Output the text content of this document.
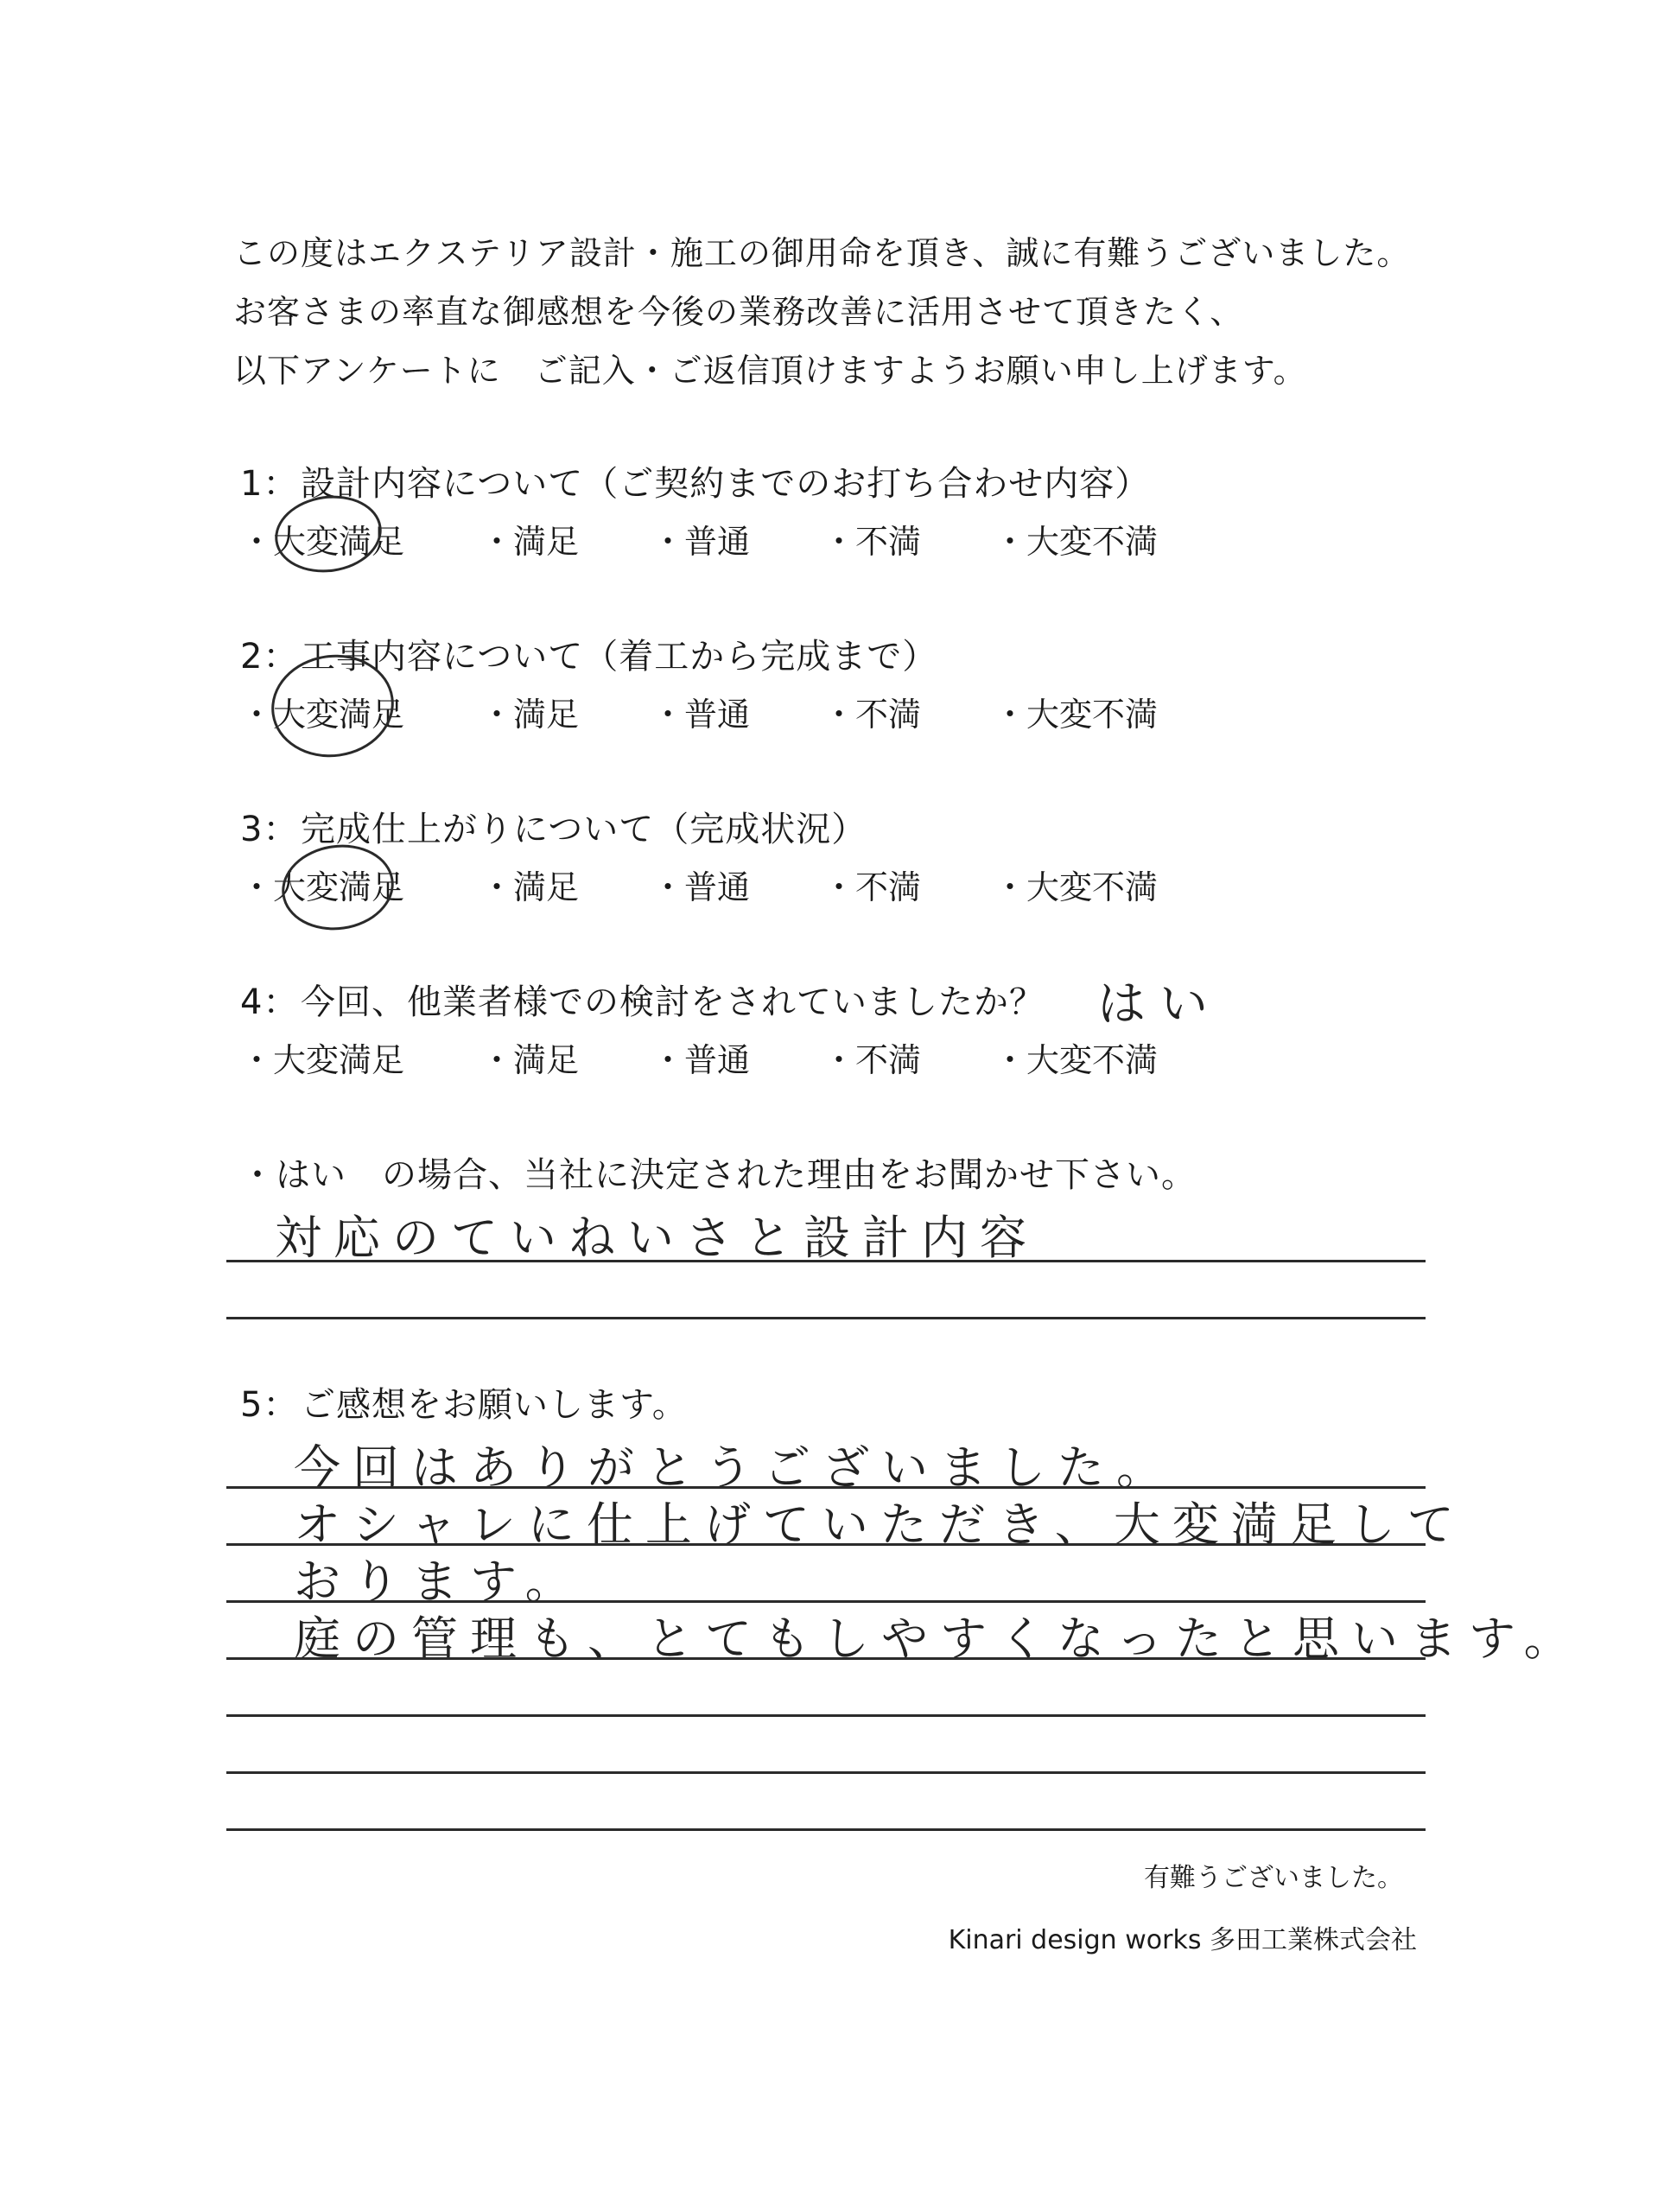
この度はエクステリア設計・施工の御用命を頂き、誠に有難うございました。
お客さまの率直な御感想を今後の業務改善に活用させて頂きたく、
以下アンケートに　ご記入・ご返信頂けますようお願い申し上げます。
1：設計内容について（ご契約までのお打ち合わせ内容）
・大変満足 ・満足 ・普通 ・不満 ・大変不満
2：工事内容について（着工から完成まで）
・大変満足 ・満足 ・普通 ・不満 ・大変不満
3：完成仕上がりについて（完成状況）
・大変満足 ・満足 ・普通 ・不満 ・大変不満
4：今回、他業者様での検討をされていましたか？ はい
・大変満足 ・満足 ・普通 ・不満 ・大変不満
・はい　の場合、当社に決定された理由をお聞かせ下さい。
対応のていねいさと設計内容
5：ご感想をお願いします。
今回はありがとうございました。
オシャレに仕上げていただき、大変満足して
おります。
庭の管理も、とてもしやすくなったと思います。
有難うございました。
Kinari design works 多田工業株式会社
